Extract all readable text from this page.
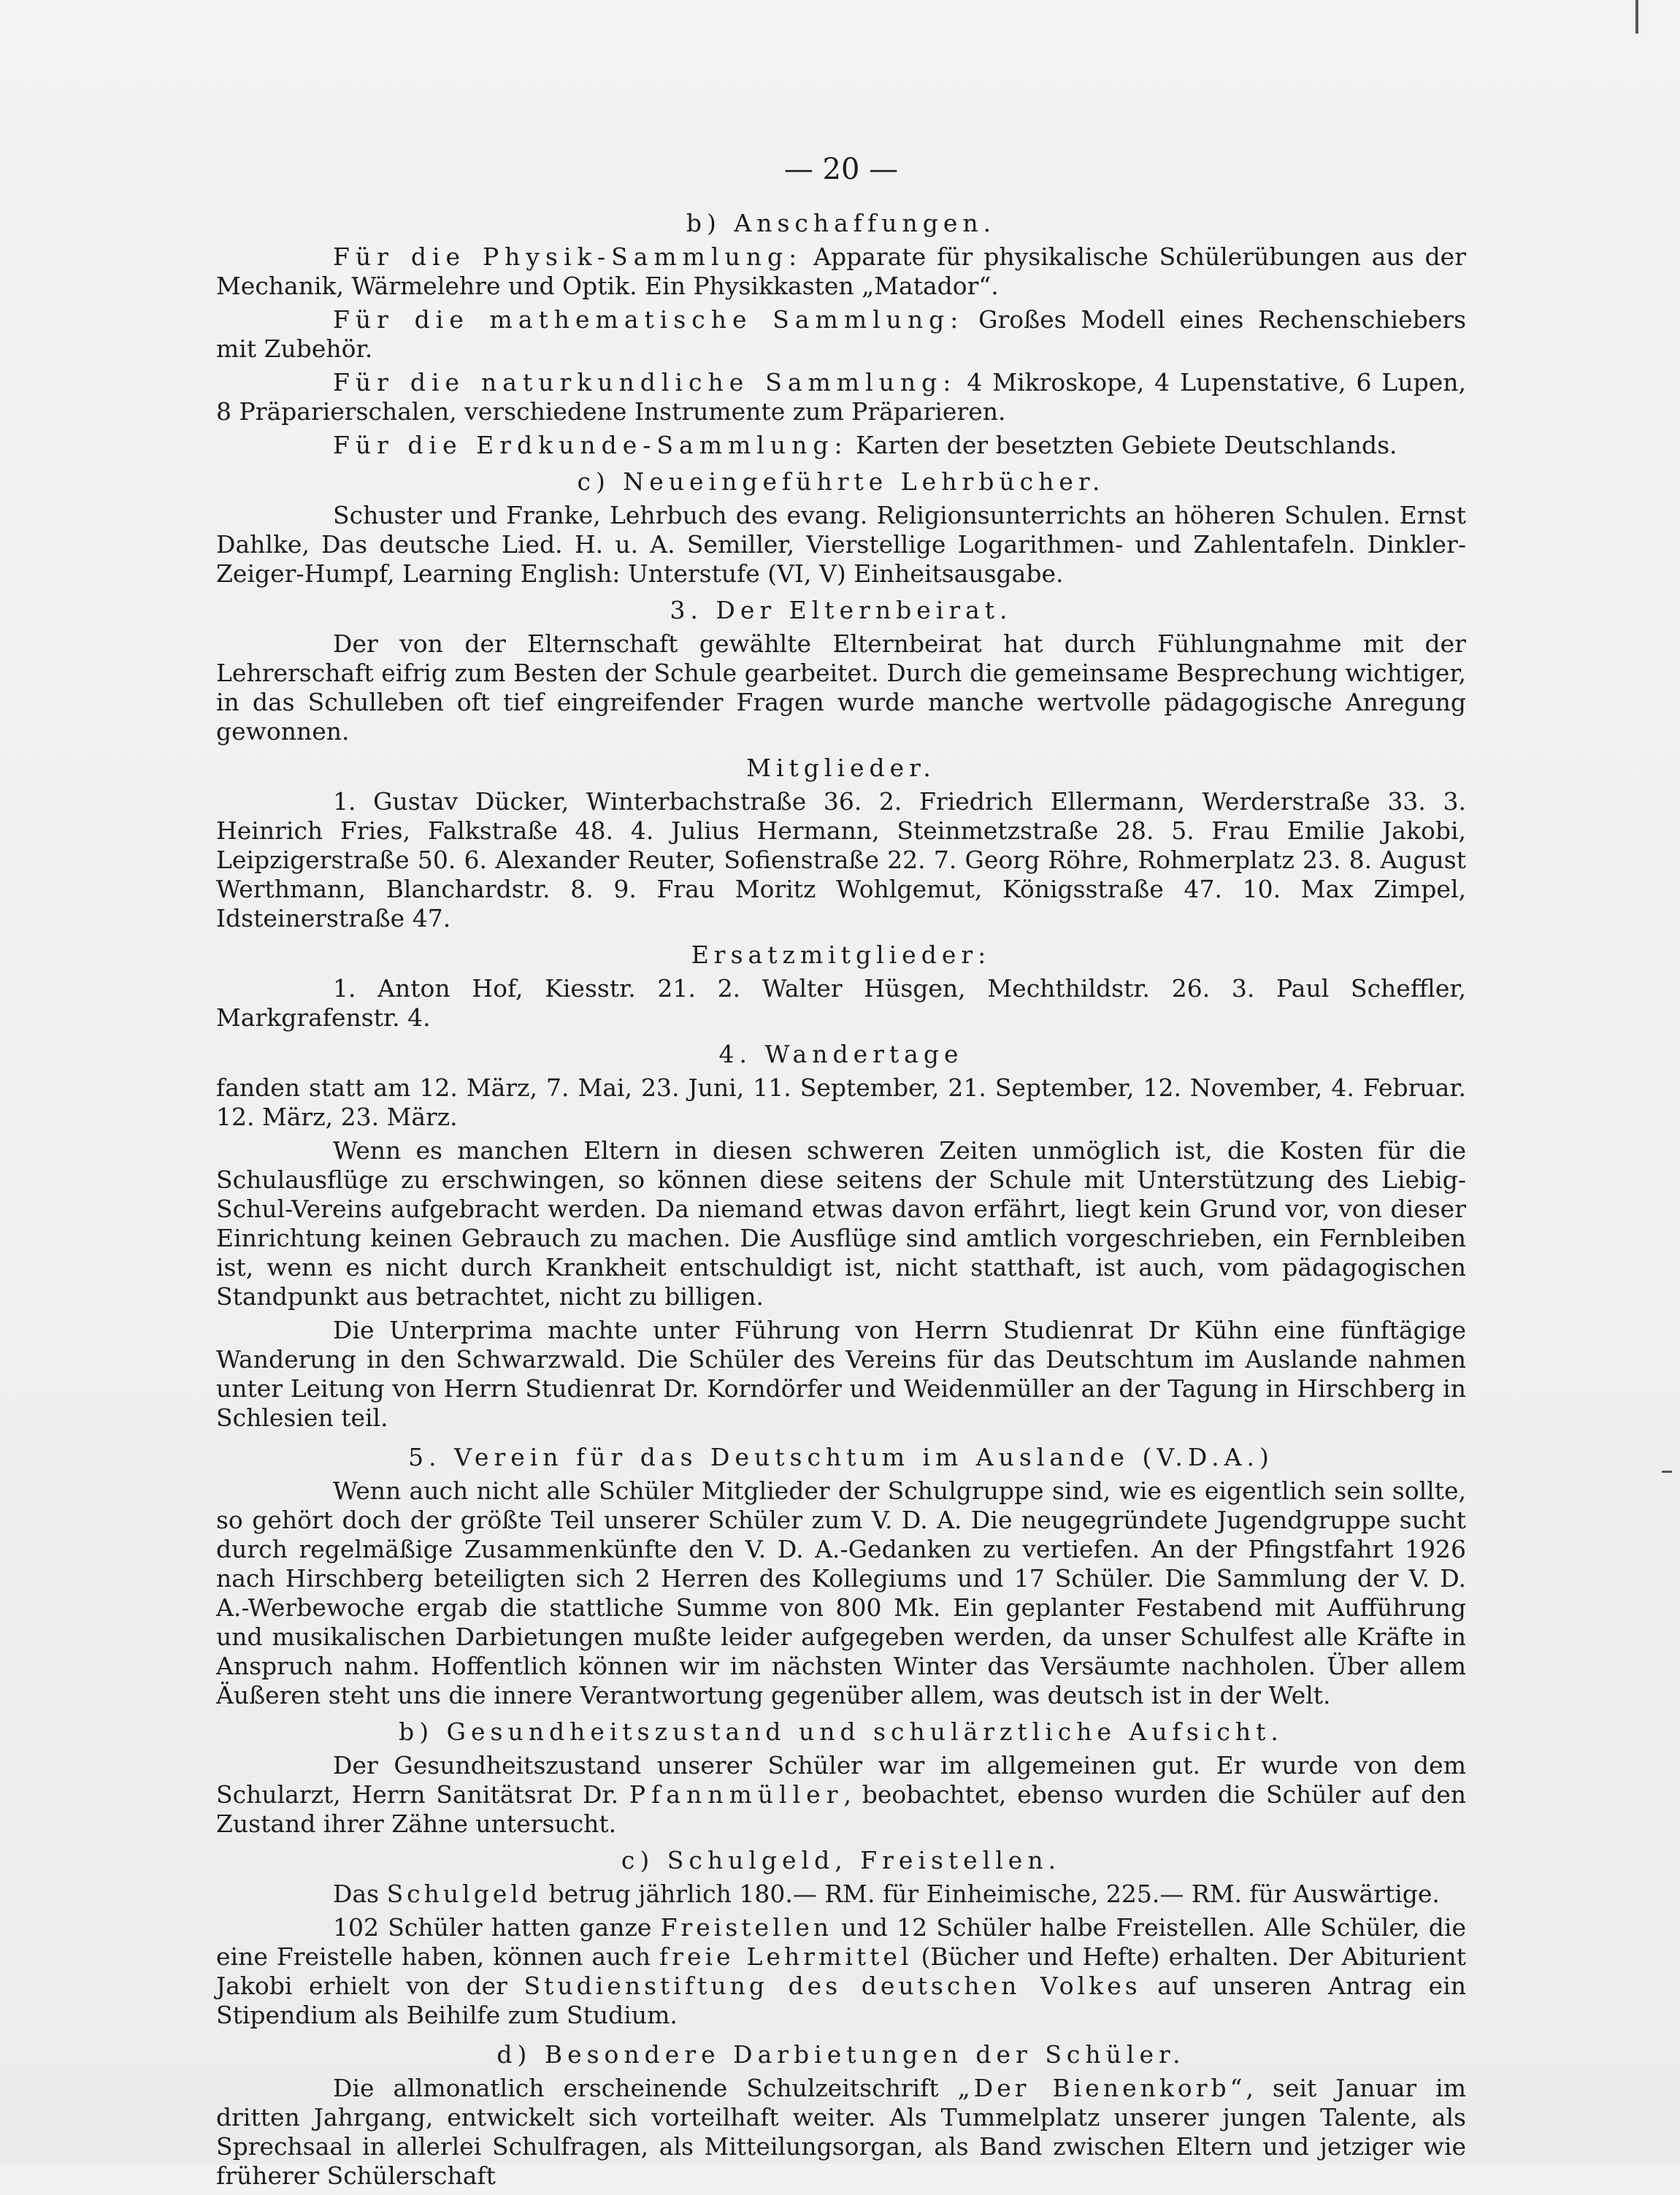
— 20 —
b) Anschaffungen.

Für die Physik-Sammlung: Apparate für physikalische Schülerübungen aus der Mechanik, Wärmelehre und Optik. Ein Physikkasten „Matador“.

Für die mathematische Sammlung: Großes Modell eines Rechenschiebers mit Zubehör.

Für die naturkundliche Sammlung: 4 Mikroskope, 4 Lupenstative, 6 Lupen, 8 Präparierschalen, verschiedene Instrumente zum Präparieren.

Für die Erdkunde-Sammlung: Karten der besetzten Gebiete Deutschlands.

c) Neueingeführte Lehrbücher.

Schuster und Franke, Lehrbuch des evang. Religionsunterrichts an höheren Schulen. Ernst Dahlke, Das deutsche Lied. H. u. A. Semiller, Vierstellige Logarithmen- und Zahlentafeln. Dinkler-Zeiger-Humpf, Learning English: Unterstufe (VI, V) Einheitsausgabe.

3. Der Elternbeirat.

Der von der Elternschaft gewählte Elternbeirat hat durch Fühlungnahme mit der Lehrerschaft eifrig zum Besten der Schule gearbeitet. Durch die gemeinsame Besprechung wichtiger, in das Schulleben oft tief eingreifender Fragen wurde manche wertvolle pädagogische Anregung gewonnen.

Mitglieder.

1. Gustav Dücker, Winterbachstraße 36. 2. Friedrich Ellermann, Werderstraße 33. 3. Heinrich Fries, Falkstraße 48. 4. Julius Hermann, Steinmetzstraße 28. 5. Frau Emilie Jakobi, Leipzigerstraße 50. 6. Alexander Reuter, Sofienstraße 22. 7. Georg Röhre, Rohmerplatz 23. 8. August Werthmann, Blanchardstr. 8. 9. Frau Moritz Wohlgemut, Königsstraße 47. 10. Max Zimpel, Idsteinerstraße 47.

Ersatzmitglieder:

1. Anton Hof, Kiesstr. 21. 2. Walter Hüsgen, Mechthildstr. 26. 3. Paul Scheffler, Markgrafenstr. 4.

4. Wandertage

fanden statt am 12. März, 7. Mai, 23. Juni, 11. September, 21. September, 12. November, 4. Februar. 12. März, 23. März.

Wenn es manchen Eltern in diesen schweren Zeiten unmöglich ist, die Kosten für die Schulausflüge zu erschwingen, so können diese seitens der Schule mit Unterstützung des Liebig-Schul-Vereins aufgebracht werden. Da niemand etwas davon erfährt, liegt kein Grund vor, von dieser Einrichtung keinen Gebrauch zu machen. Die Ausflüge sind amtlich vorgeschrieben, ein Fernbleiben ist, wenn es nicht durch Krankheit entschuldigt ist, nicht statthaft, ist auch, vom pädagogischen Standpunkt aus betrachtet, nicht zu billigen.

Die Unterprima machte unter Führung von Herrn Studienrat Dr Kühn eine fünftägige Wanderung in den Schwarzwald. Die Schüler des Vereins für das Deutschtum im Auslande nahmen unter Leitung von Herrn Studienrat Dr. Korndörfer und Weidenmüller an der Tagung in Hirschberg in Schlesien teil.

5. Verein für das Deutschtum im Auslande (V.D.A.)

Wenn auch nicht alle Schüler Mitglieder der Schulgruppe sind, wie es eigentlich sein sollte, so gehört doch der größte Teil unserer Schüler zum V. D. A. Die neugegründete Jugendgruppe sucht durch regelmäßige Zusammenkünfte den V. D. A.-Gedanken zu vertiefen. An der Pfingstfahrt 1926 nach Hirschberg beteiligten sich 2 Herren des Kollegiums und 17 Schüler. Die Sammlung der V. D. A.-Werbewoche ergab die stattliche Summe von 800 Mk. Ein geplanter Festabend mit Aufführung und musikalischen Darbietungen mußte leider aufgegeben werden, da unser Schulfest alle Kräfte in Anspruch nahm. Hoffentlich können wir im nächsten Winter das Versäumte nachholen. Über allem Äußeren steht uns die innere Verantwortung gegenüber allem, was deutsch ist in der Welt.

b) Gesundheitszustand und schulärztliche Aufsicht.

Der Gesundheitszustand unserer Schüler war im allgemeinen gut. Er wurde von dem Schularzt, Herrn Sanitätsrat Dr. Pfannmüller, beobachtet, ebenso wurden die Schüler auf den Zustand ihrer Zähne untersucht.

c) Schulgeld, Freistellen.

Das Schulgeld betrug jährlich 180.— RM. für Einheimische, 225.— RM. für Auswärtige.

102 Schüler hatten ganze Freistellen und 12 Schüler halbe Freistellen. Alle Schüler, die eine Freistelle haben, können auch freie Lehrmittel (Bücher und Hefte) erhalten. Der Abiturient Jakobi erhielt von der Studienstiftung des deutschen Volkes auf unseren Antrag ein Stipendium als Beihilfe zum Studium.

d) Besondere Darbietungen der Schüler.

Die allmonatlich erscheinende Schulzeitschrift „Der Bienenkorb“, seit Januar im dritten Jahrgang, entwickelt sich vorteilhaft weiter. Als Tummelplatz unserer jungen Talente, als Sprechsaal in allerlei Schulfragen, als Mitteilungsorgan, als Band zwischen Eltern und jetziger wie früherer Schülerschaft
